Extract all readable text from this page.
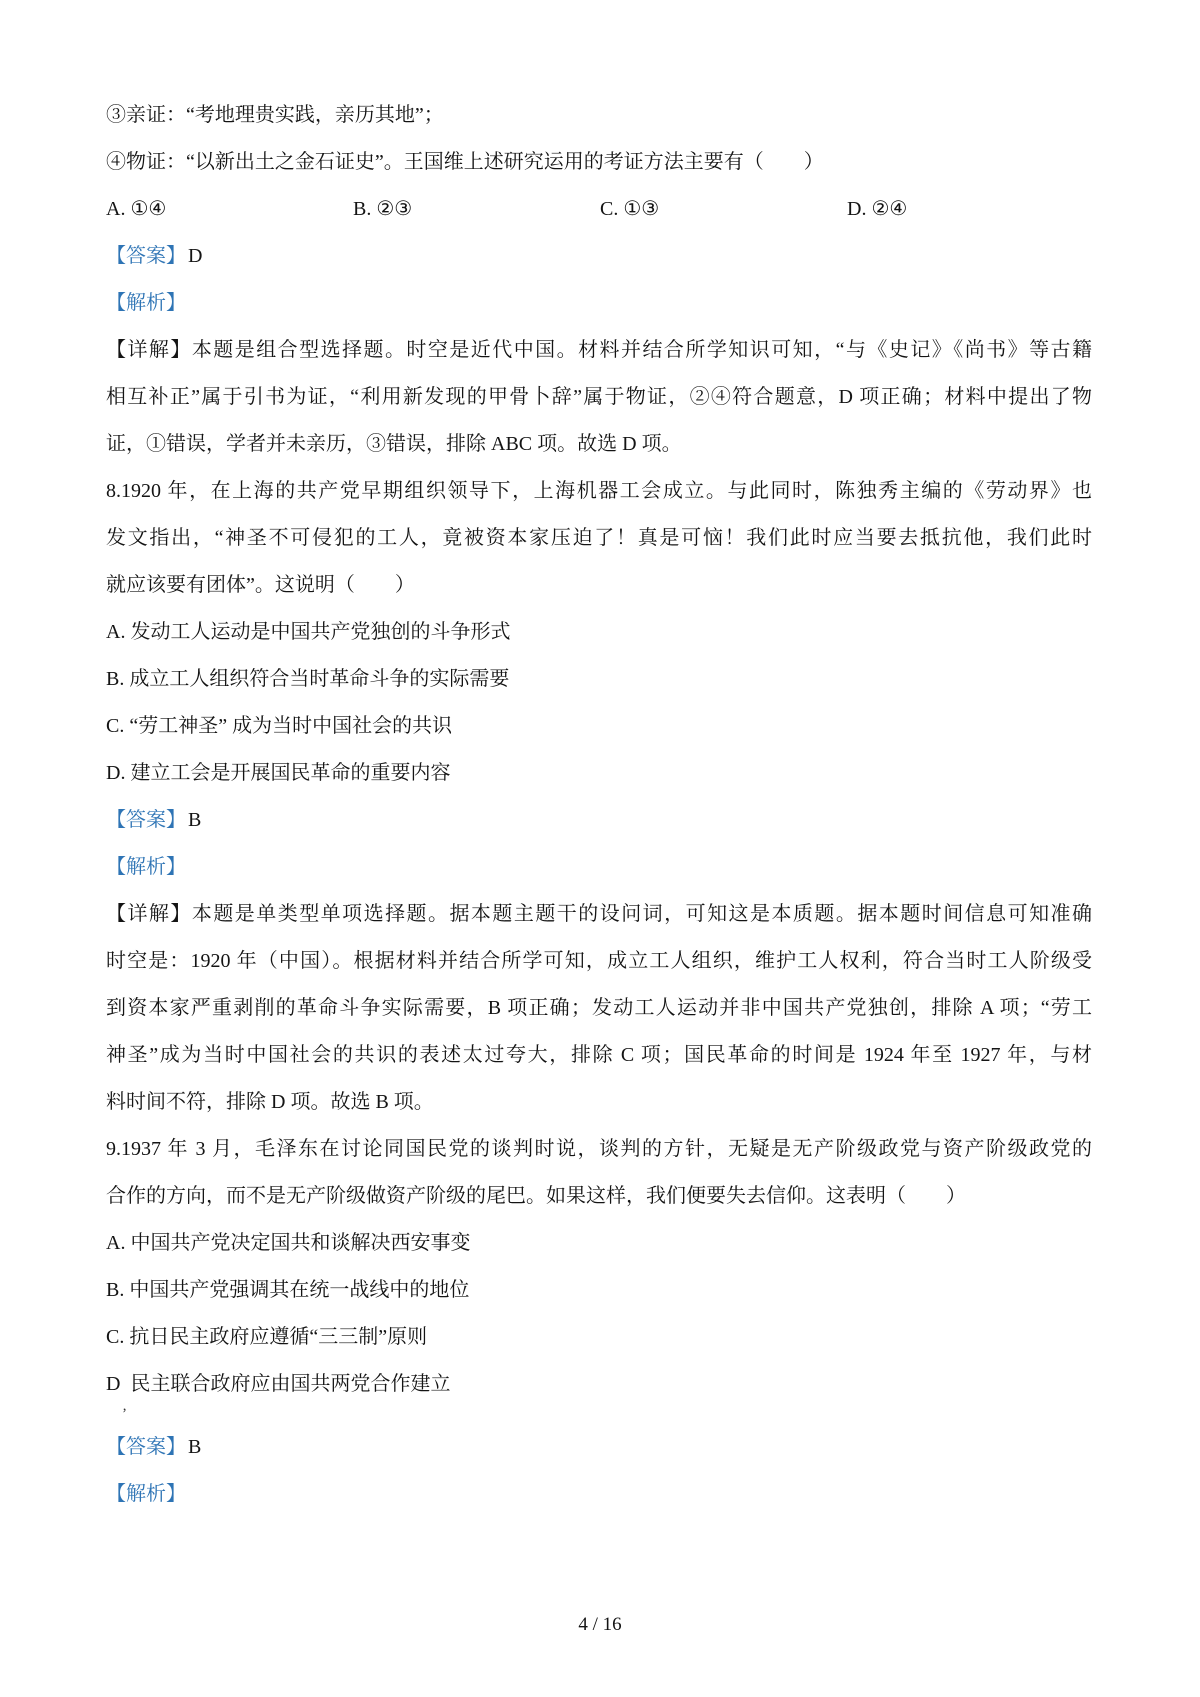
③亲证：“考地理贵实践，亲历其地”；
④物证：“以新出土之金石证史”。王国维上述研究运用的考证方法主要有（　　）
A. ①④	B. ②③	C. ①③	D. ②④
【答案】 D
【解析】
【详解】本题是组合型选择题。时空是近代中国。材料并结合所学知识可知，“与《史记》《尚书》等古籍
相互补正”属于引书为证，“利用新发现的甲骨卜辞”属于物证，②④符合题意，D 项正确；材料中提出了物
证，①错误，学者并未亲历，③错误，排除 ABC 项。故选 D 项。
8.1920 年，在上海的共产党早期组织领导下，上海机器工会成立。与此同时，陈独秀主编的《劳动界》也
发文指出，“神圣不可侵犯的工人，竟被资本家压迫了！真是可恼！我们此时应当要去抵抗他，我们此时
就应该要有团体”。这说明（　　）
A. 发动工人运动是中国共产党独创的斗争形式
B. 成立工人组织符合当时革命斗争的实际需要
C. “劳工神圣” 成为当时中国社会的共识
D. 建立工会是开展国民革命的重要内容
【答案】 B
【解析】
【详解】本题是单类型单项选择题。据本题主题干的设问词，可知这是本质题。据本题时间信息可知准确
时空是：1920 年（中国）。根据材料并结合所学可知，成立工人组织，维护工人权利，符合当时工人阶级受
到资本家严重剥削的革命斗争实际需要，B 项正确；发动工人运动并非中国共产党独创，排除 A 项；“劳工
神圣”成为当时中国社会的共识的表述太过夸大，排除 C 项；国民革命的时间是 1924 年至 1927 年，与材
料时间不符，排除 D 项。故选 B 项。
9.1937 年 3 月，毛泽东在讨论同国民党的谈判时说，谈判的方针，无疑是无产阶级政党与资产阶级政党的
合作的方向，而不是无产阶级做资产阶级的尾巴。如果这样，我们便要失去信仰。这表明（　　）
A. 中国共产党决定国共和谈解决西安事变
B. 中国共产党强调其在统一战线中的地位
C. 抗日民主政府应遵循“三三制”原则
D  民主联合政府应由国共两党合作建立
’
【答案】 B
【解析】
4 / 16
